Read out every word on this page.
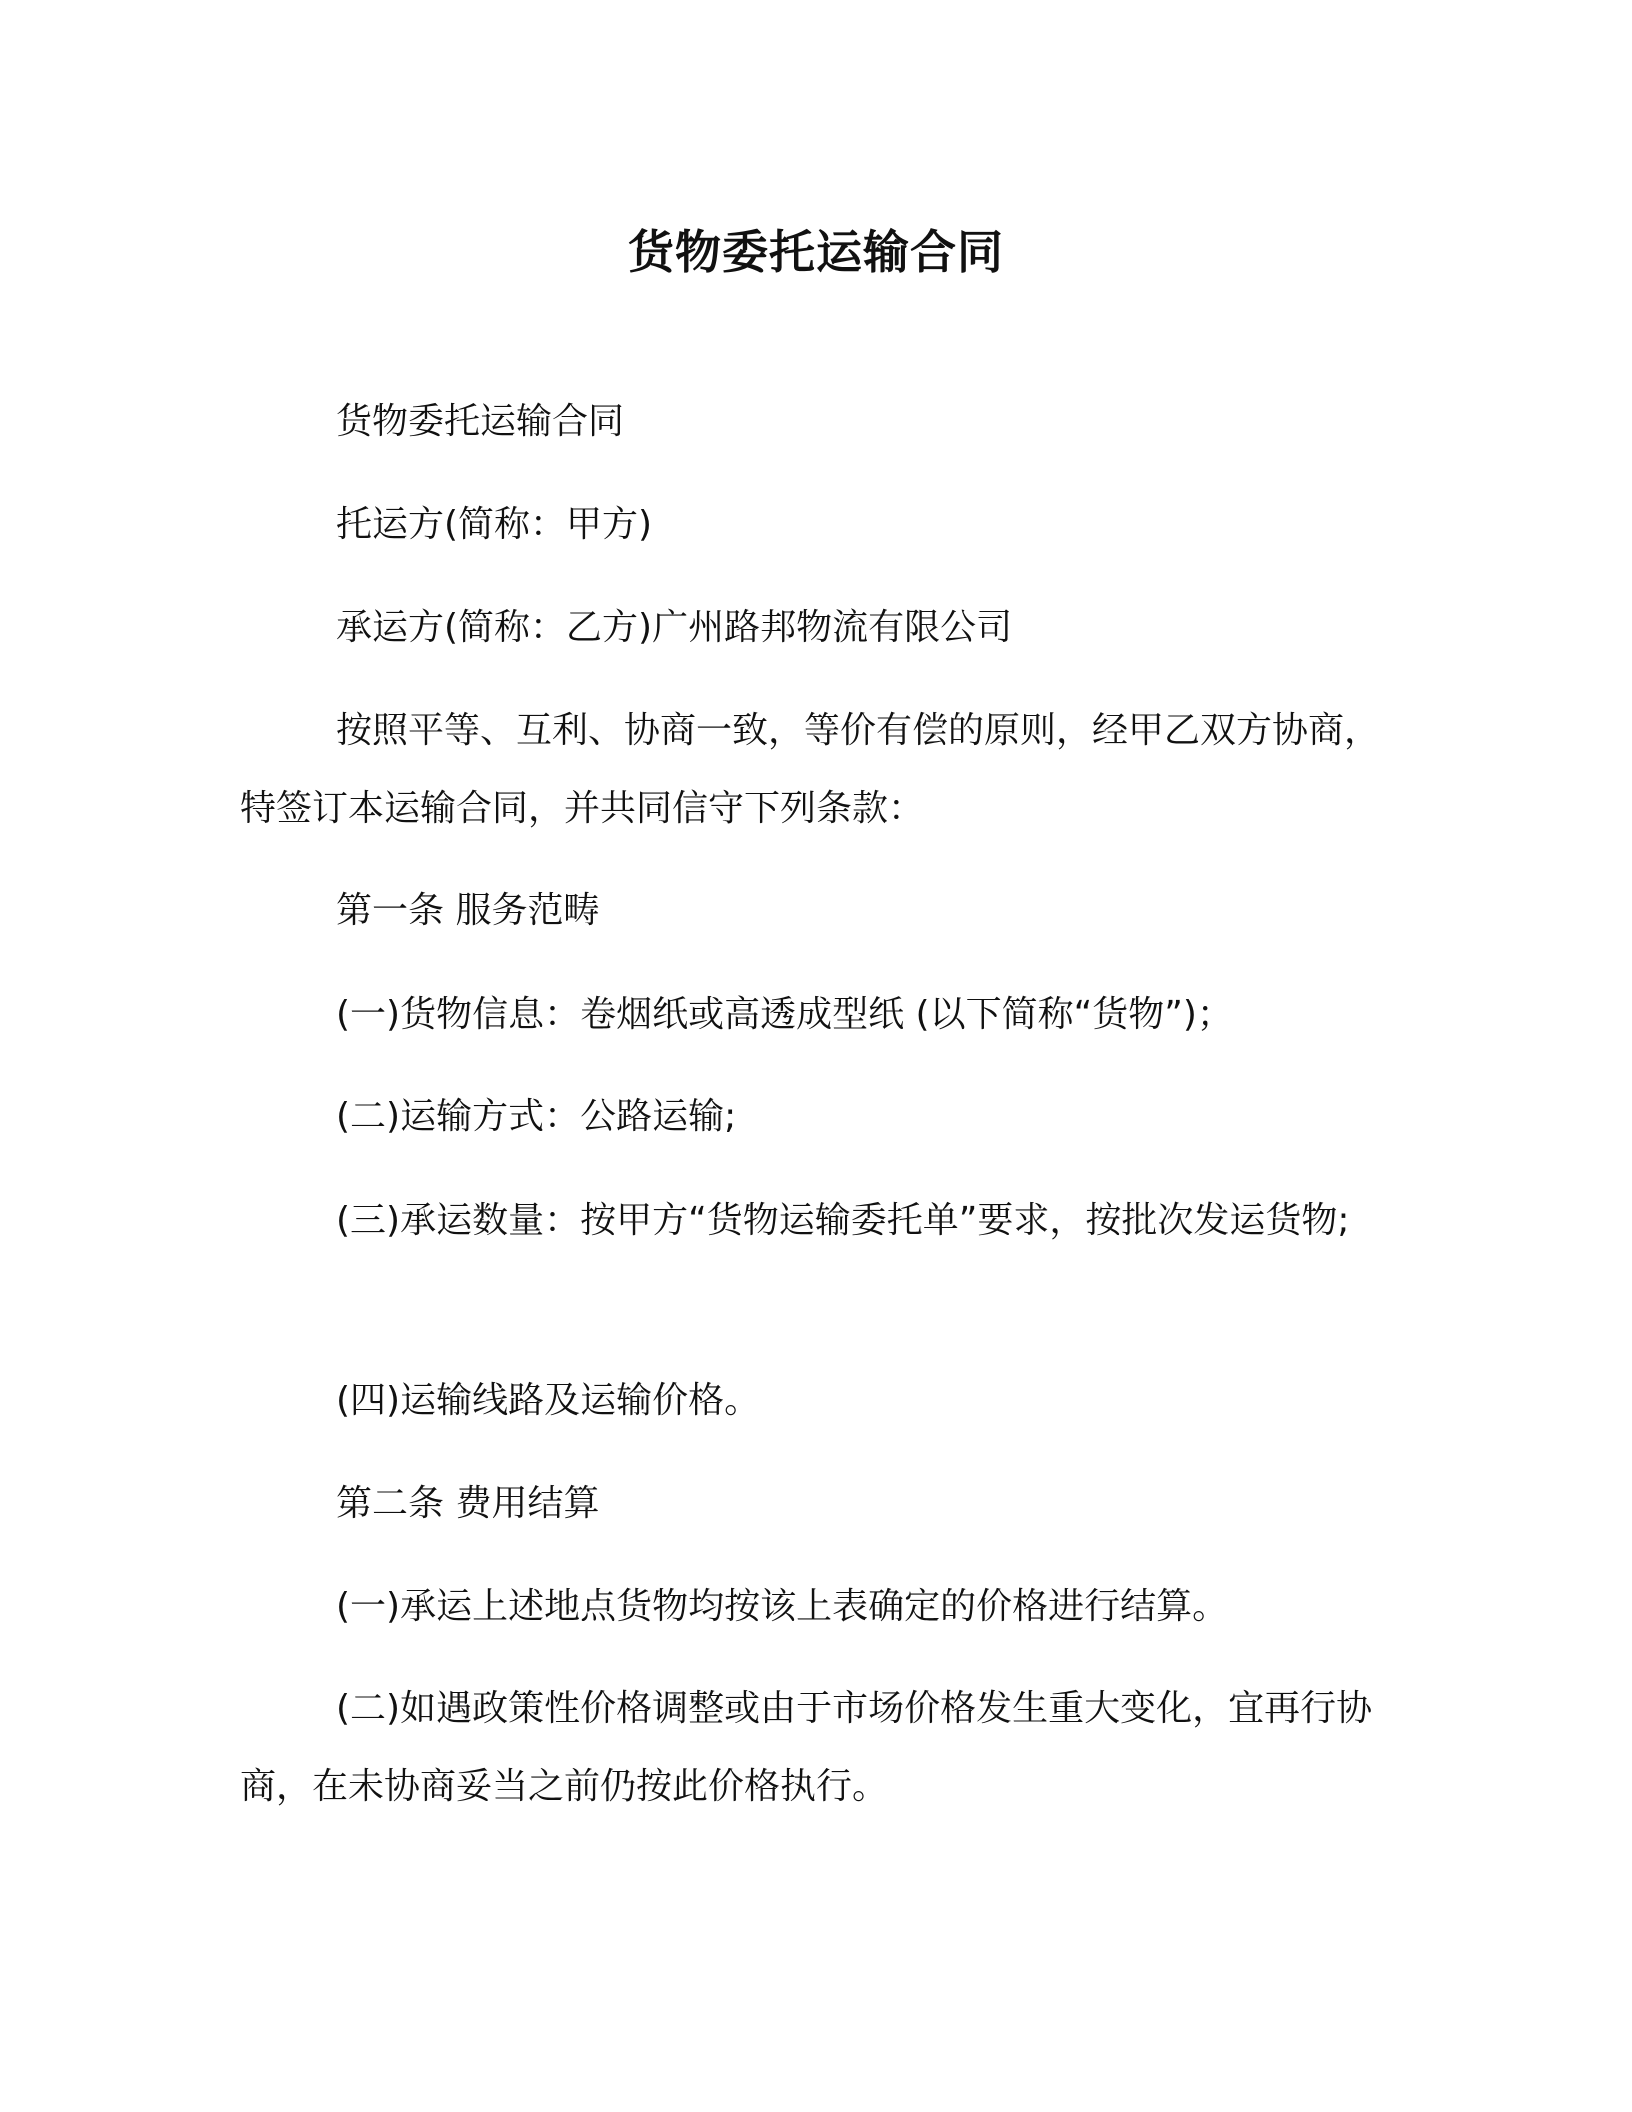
货物委托运输合同

货物委托运输合同

托运方(简称：甲方)

承运方(简称：乙方)广州路邦物流有限公司

按照平等、互利、协商一致，等价有偿的原则，经甲乙双方协商，特签订本运输合同，并共同信守下列条款：

第一条 服务范畴

(一)货物信息：卷烟纸或高透成型纸 (以下简称“货物”)；

(二)运输方式：公路运输;

(三)承运数量：按甲方“货物运输委托单”要求，按批次发运货物;

(四)运输线路及运输价格。

第二条 费用结算

(一)承运上述地点货物均按该上表确定的价格进行结算。

(二)如遇政策性价格调整或由于市场价格发生重大变化，宜再行协商，在未协商妥当之前仍按此价格执行。
